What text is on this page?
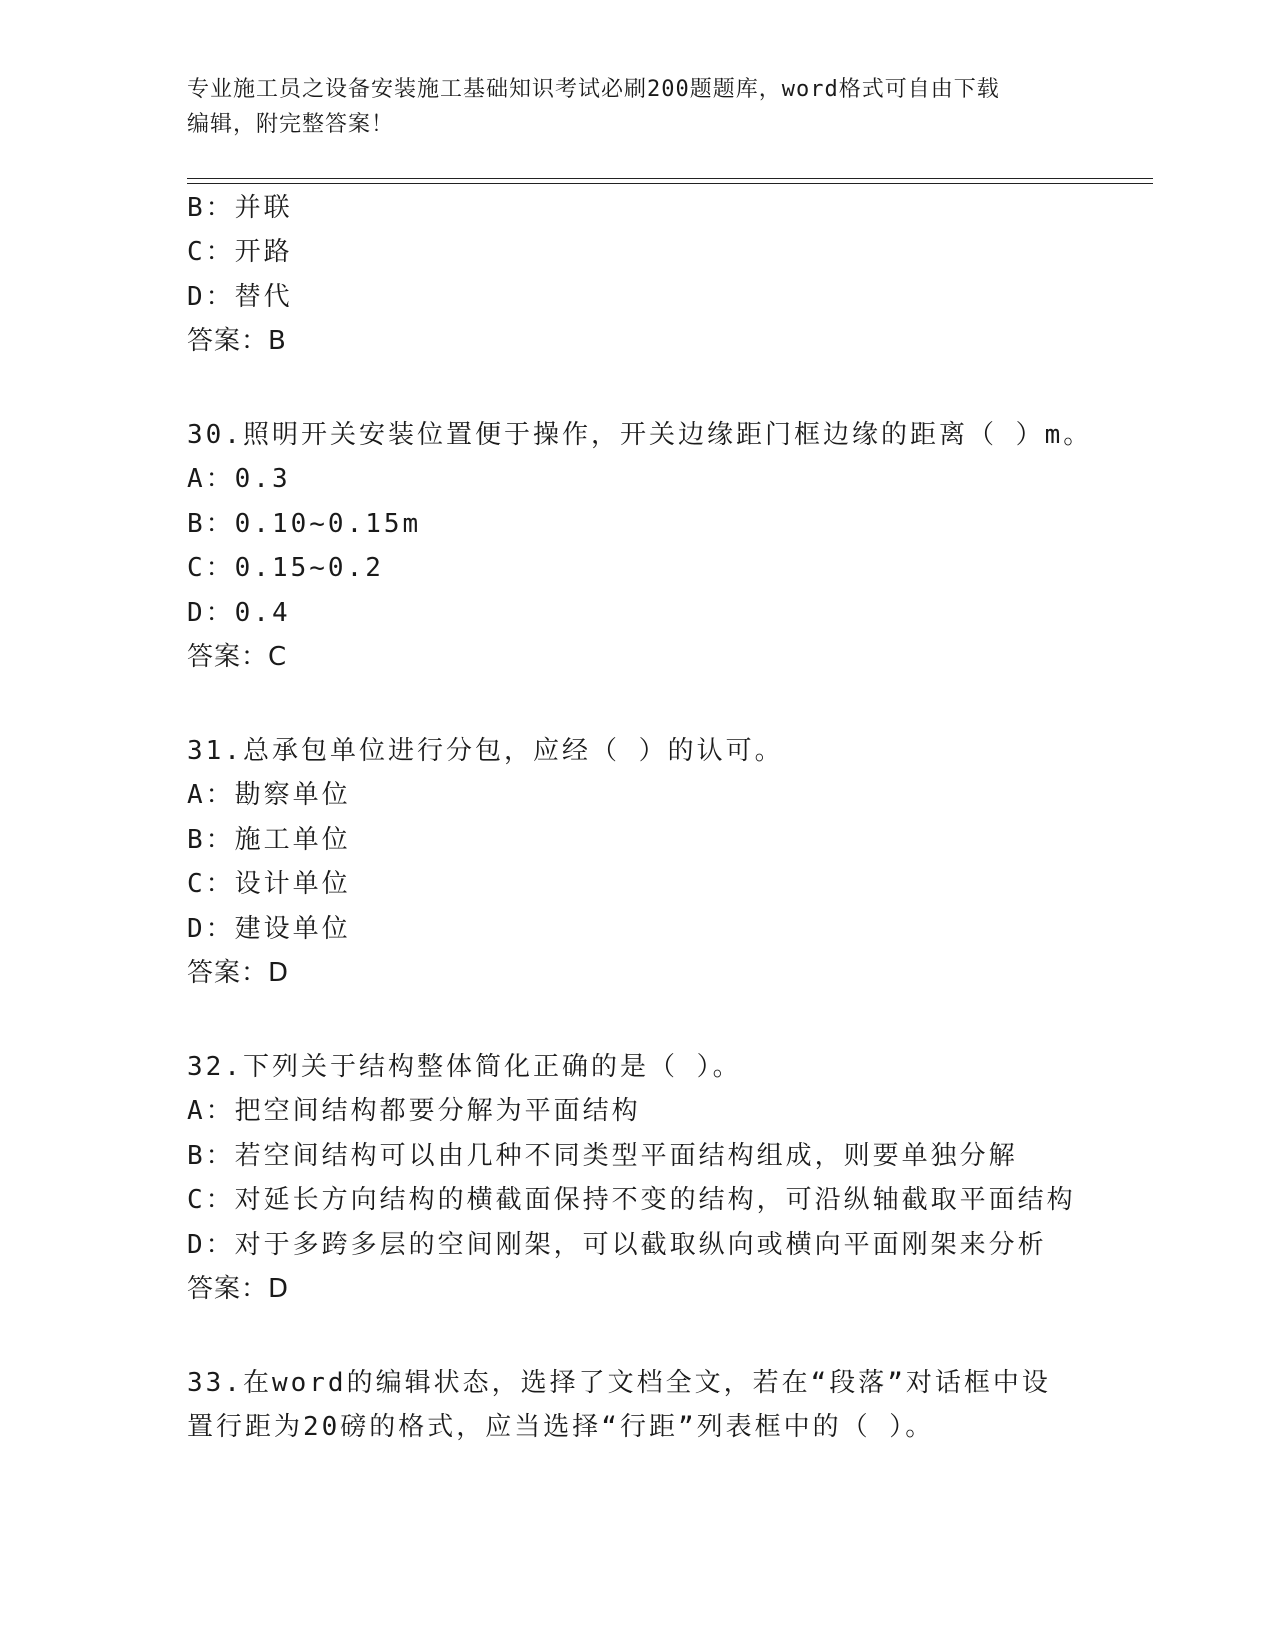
专业施工员之设备安装施工基础知识考试必刷200题题库，word格式可自由下载
编辑，附完整答案！
B：并联
C：开路
D：替代
答案：B
30.照明开关安装位置便于操作，开关边缘距门框边缘的距离（ ）m。
A：0.3
B：0.10~0.15m
C：0.15~0.2
D：0.4
答案：C
31.总承包单位进行分包，应经（ ）的认可。
A：勘察单位
B：施工单位
C：设计单位
D：建设单位
答案：D
32.下列关于结构整体简化正确的是（ ）。
A：把空间结构都要分解为平面结构
B：若空间结构可以由几种不同类型平面结构组成，则要单独分解
C：对延长方向结构的横截面保持不变的结构，可沿纵轴截取平面结构
D：对于多跨多层的空间刚架，可以截取纵向或横向平面刚架来分析
答案：D
33.在word的编辑状态，选择了文档全文，若在“段落”对话框中设
置行距为20磅的格式，应当选择“行距”列表框中的（ ）。
